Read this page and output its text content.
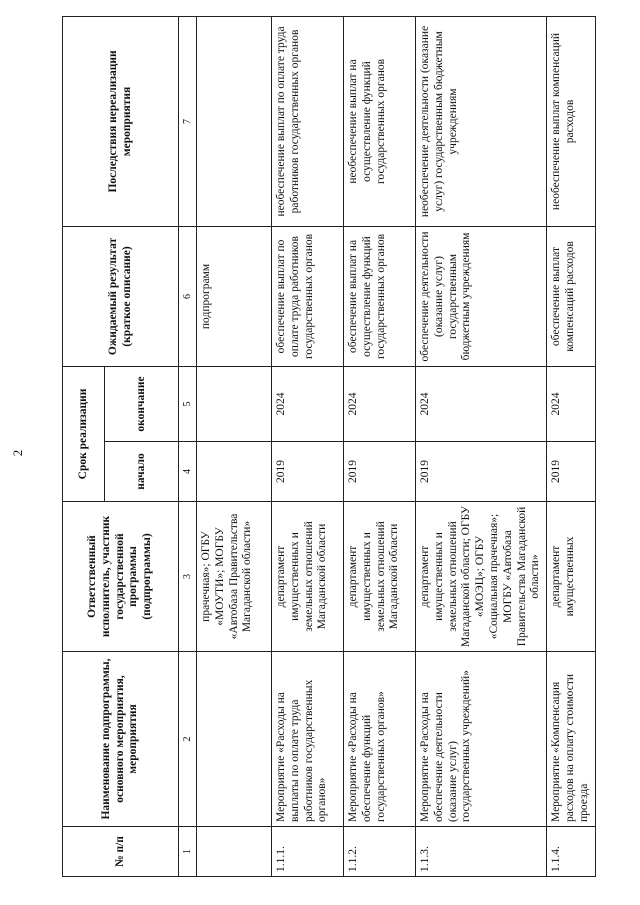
2
№ п/п	Наименование подпрограммы, основного мероприятия, мероприятия	Ответственный исполнитель, участник государственной программы (подпрограммы)	Срок реализации		Ожидаемый результат (краткое описание)	Последствия нереализации мероприятия
			начало	окончание		
1	2	3	4	5	6	7
		прачечная»; ОГБУ «МОУТИ»; МОГБУ «Автобаза Правительства Магаданской области»			подпрограмм	
1.1.1.	Мероприятие «Расходы на выплаты по оплате труда работников государственных органов»	департамент имущественных и земельных отношений Магаданской области	2019	2024	обеспечение выплат по оплате труда работников государственных органов	необеспечение выплат по оплате труда работников государственных органов
1.1.2.	Мероприятие «Расходы на обеспечение функций государственных органов»	департамент имущественных и земельных отношений Магаданской области	2019	2024	обеспечение выплат на осуществление функций государственных органов	необеспечение выплат на осуществление функций государственных органов
1.1.3.	Мероприятие «Расходы на обеспечение деятельности (оказание услуг) государственных учреждений»	департамент имущественных и земельных отношений Магаданской области; ОГБУ «МОЭЦ»; ОГБУ «Социальная прачечная»; МОГБУ «Автобаза Правительства Магаданской области»	2019	2024	обеспечение деятельности (оказание услуг) государственным бюджетным учреждениям	необеспечение деятельности (оказание услуг) государственным бюджетным учреждениям
1.1.4.	Мероприятие «Компенсация расходов на оплату стоимости проезда	департамент имущественных	2019	2024	обеспечение выплат компенсаций расходов	необеспечение выплат компенсаций расходов
